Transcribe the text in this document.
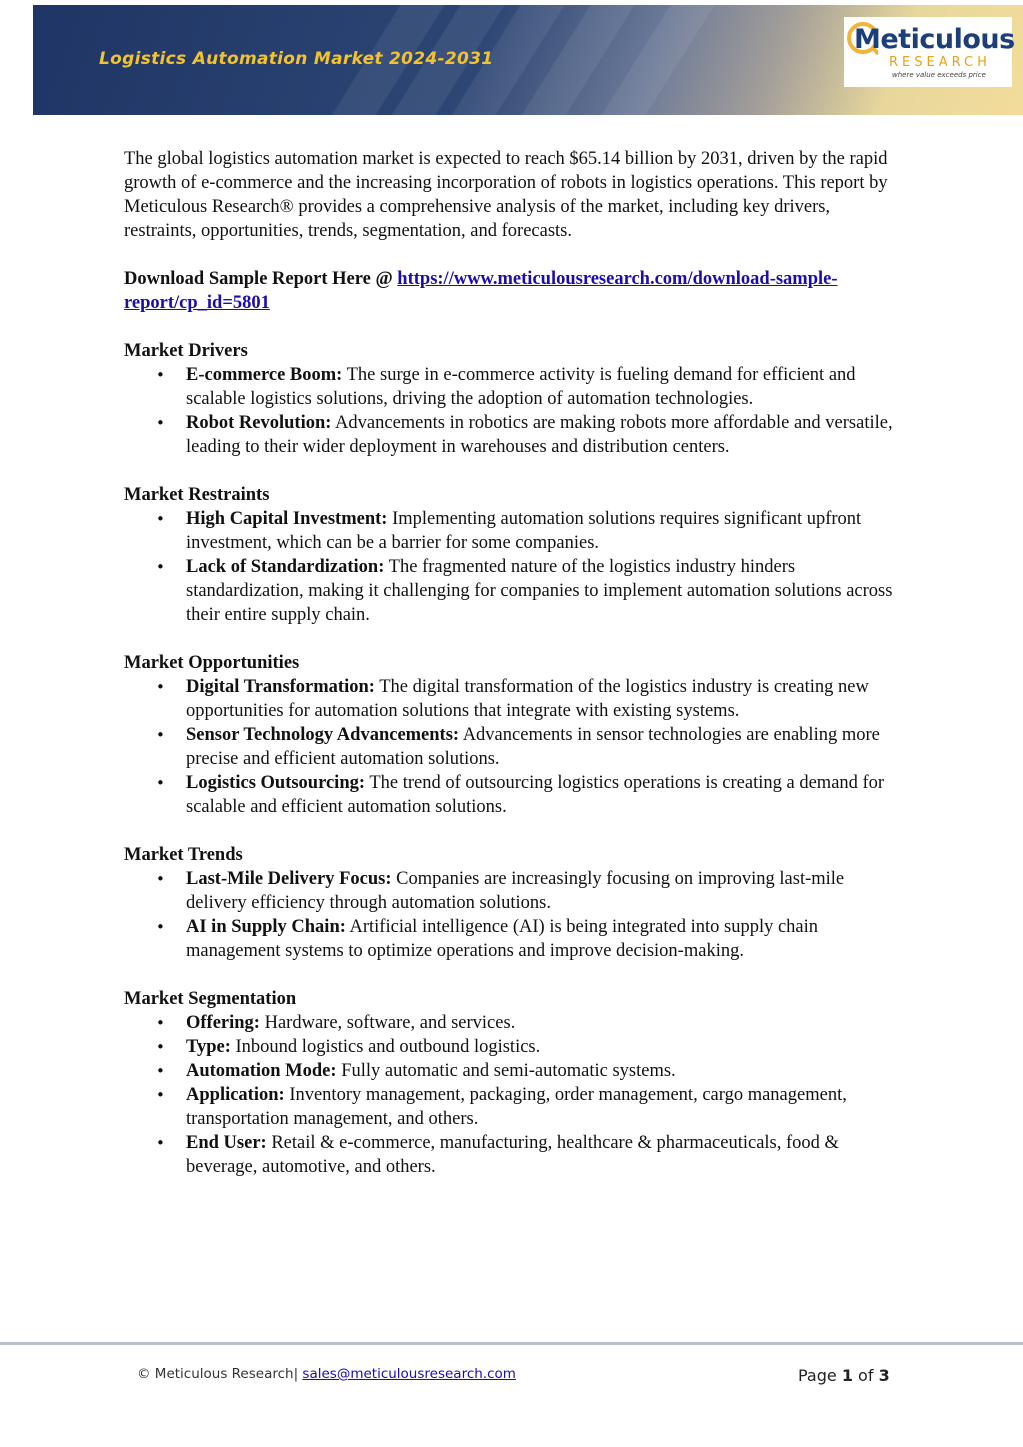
Logistics Automation Market 2024-2031
Meticulous
RESEARCH
where value exceeds price

The global logistics automation market is expected to reach $65.14 billion by 2031, driven by the rapid growth of e-commerce and the increasing incorporation of robots in logistics operations. This report by Meticulous Research® provides a comprehensive analysis of the market, including key drivers, restraints, opportunities, trends, segmentation, and forecasts.

Download Sample Report Here @ https://www.meticulousresearch.com/download-sample-report/cp_id=5801

Market Drivers

• E-commerce Boom: The surge in e-commerce activity is fueling demand for efficient and scalable logistics solutions, driving the adoption of automation technologies.
• Robot Revolution: Advancements in robotics are making robots more affordable and versatile, leading to their wider deployment in warehouses and distribution centers.

Market Restraints

• High Capital Investment: Implementing automation solutions requires significant upfront investment, which can be a barrier for some companies.
• Lack of Standardization: The fragmented nature of the logistics industry hinders standardization, making it challenging for companies to implement automation solutions across their entire supply chain.

Market Opportunities

• Digital Transformation: The digital transformation of the logistics industry is creating new opportunities for automation solutions that integrate with existing systems.
• Sensor Technology Advancements: Advancements in sensor technologies are enabling more precise and efficient automation solutions.
• Logistics Outsourcing: The trend of outsourcing logistics operations is creating a demand for scalable and efficient automation solutions.

Market Trends

• Last-Mile Delivery Focus: Companies are increasingly focusing on improving last-mile delivery efficiency through automation solutions.
• AI in Supply Chain: Artificial intelligence (AI) is being integrated into supply chain management systems to optimize operations and improve decision-making.

Market Segmentation

• Offering: Hardware, software, and services.
• Type: Inbound logistics and outbound logistics.
• Automation Mode: Fully automatic and semi-automatic systems.
• Application: Inventory management, packaging, order management, cargo management, transportation management, and others.
• End User: Retail & e-commerce, manufacturing, healthcare & pharmaceuticals, food & beverage, automotive, and others.
© Meticulous Research| sales@meticulousresearch.com	Page 1 of 3
